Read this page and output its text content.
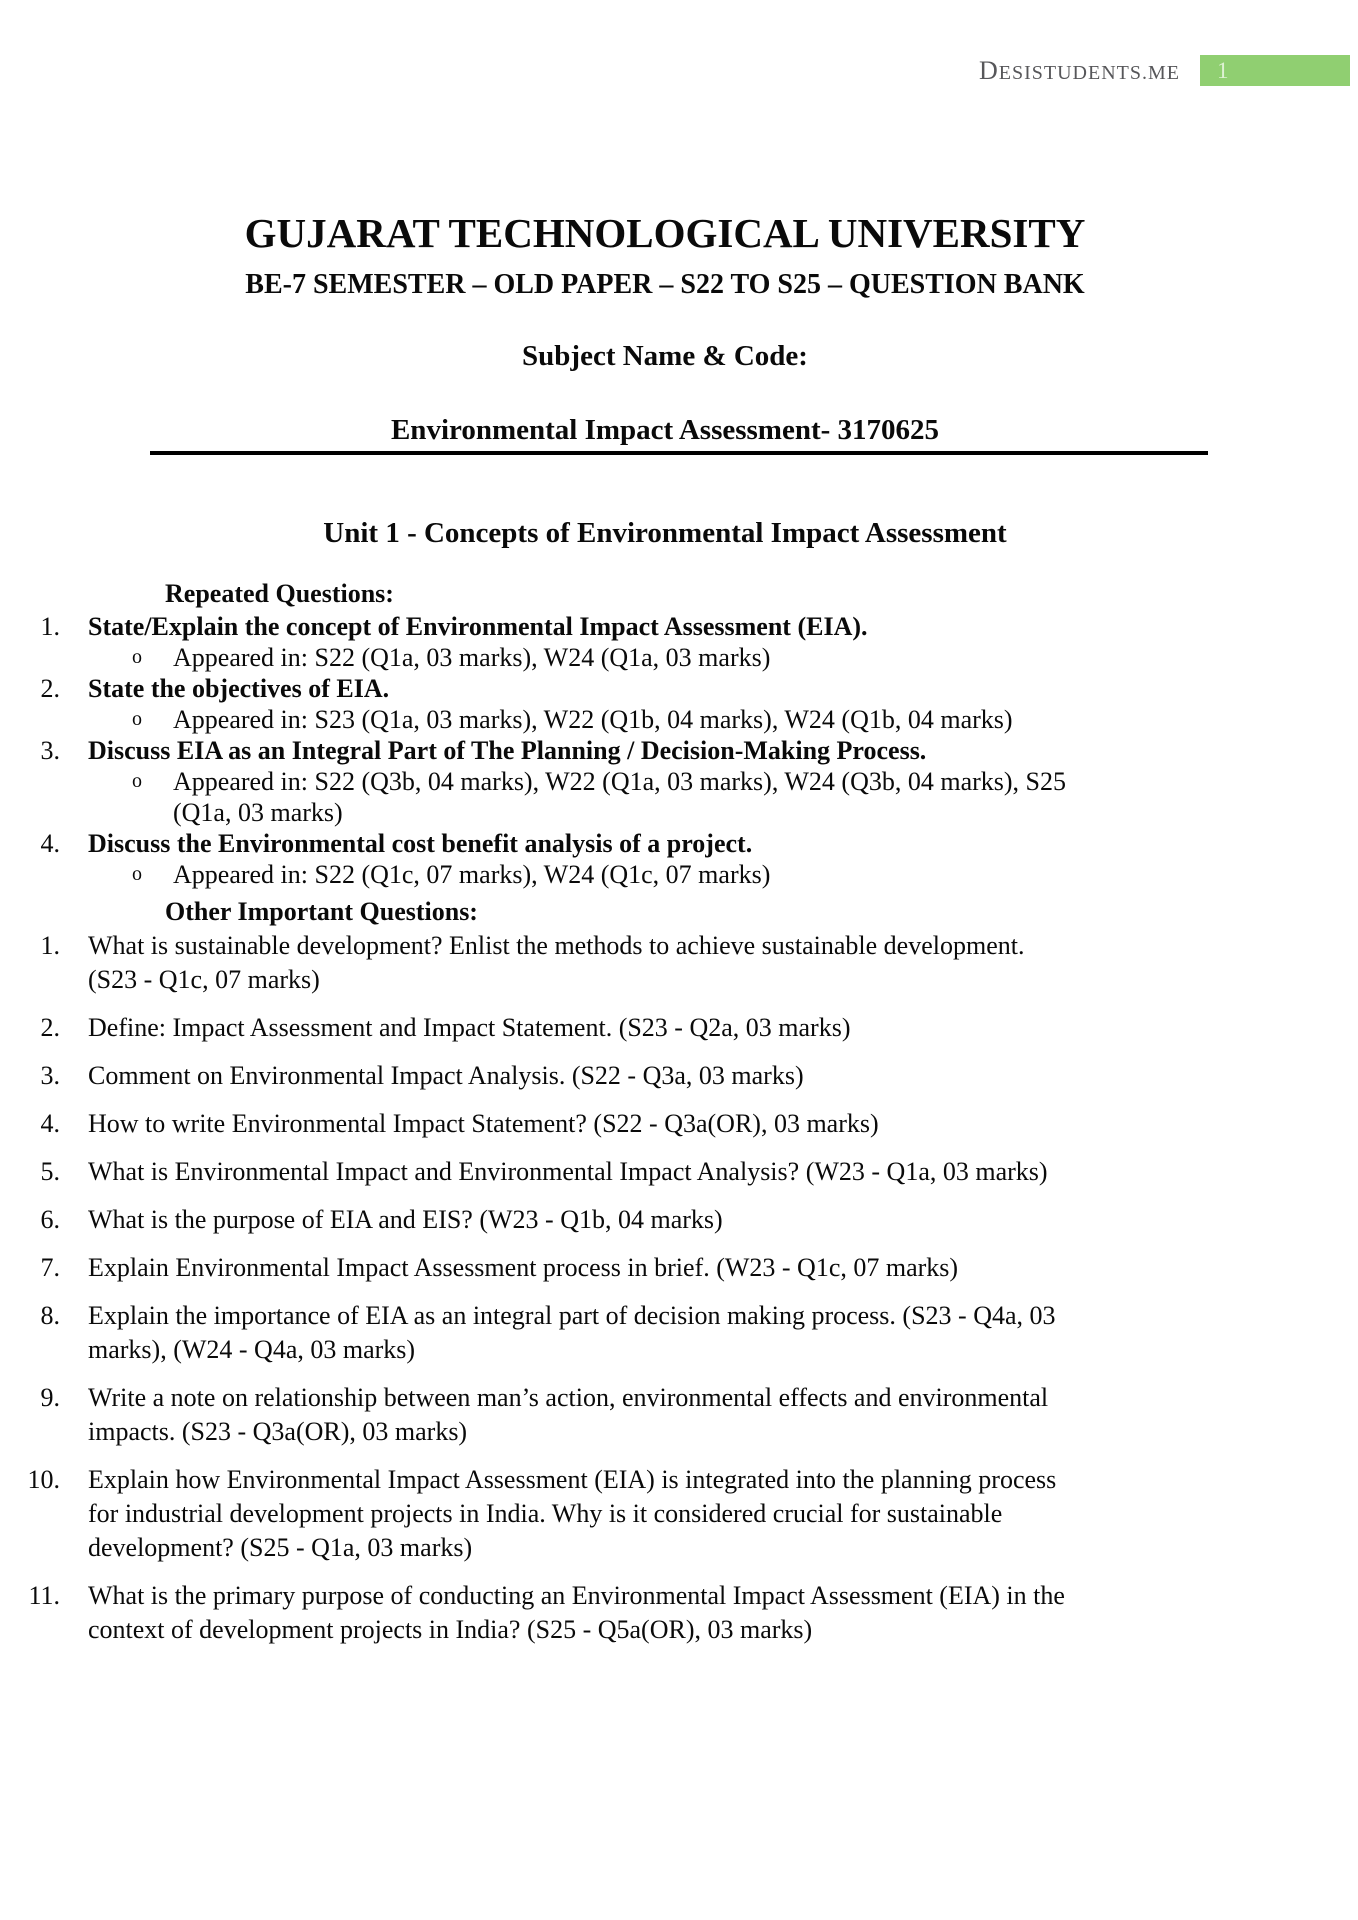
DESISTUDENTS.ME	1
GUJARAT TECHNOLOGICAL UNIVERSITY
BE-7 SEMESTER – OLD PAPER – S22 TO S25 – QUESTION BANK
Subject Name & Code:
Environmental Impact Assessment- 3170625
Unit 1 - Concepts of Environmental Impact Assessment

Repeated Questions:

1. State/Explain the concept of Environmental Impact Assessment (EIA).
o	Appeared in: S22 (Q1a, 03 marks), W24 (Q1a, 03 marks)
2. State the objectives of EIA.
o	Appeared in: S23 (Q1a, 03 marks), W22 (Q1b, 04 marks), W24 (Q1b, 04 marks)
3. Discuss EIA as an Integral Part of The Planning / Decision-Making Process.
o	Appeared in: S22 (Q3b, 04 marks), W22 (Q1a, 03 marks), W24 (Q3b, 04 marks), S25 (Q1a, 03 marks)
4. Discuss the Environmental cost benefit analysis of a project.
o	Appeared in: S22 (Q1c, 07 marks), W24 (Q1c, 07 marks)

Other Important Questions:

1. What is sustainable development? Enlist the methods to achieve sustainable development. (S23 - Q1c, 07 marks)
2. Define: Impact Assessment and Impact Statement. (S23 - Q2a, 03 marks)
3. Comment on Environmental Impact Analysis. (S22 - Q3a, 03 marks)
4. How to write Environmental Impact Statement? (S22 - Q3a(OR), 03 marks)
5. What is Environmental Impact and Environmental Impact Analysis? (W23 - Q1a, 03 marks)
6. What is the purpose of EIA and EIS? (W23 - Q1b, 04 marks)
7. Explain Environmental Impact Assessment process in brief. (W23 - Q1c, 07 marks)
8. Explain the importance of EIA as an integral part of decision making process. (S23 - Q4a, 03 marks), (W24 - Q4a, 03 marks)
9. Write a note on relationship between man’s action, environmental effects and environmental impacts. (S23 - Q3a(OR), 03 marks)
10. Explain how Environmental Impact Assessment (EIA) is integrated into the planning process for industrial development projects in India. Why is it considered crucial for sustainable development? (S25 - Q1a, 03 marks)
11. What is the primary purpose of conducting an Environmental Impact Assessment (EIA) in the context of development projects in India? (S25 - Q5a(OR), 03 marks)
